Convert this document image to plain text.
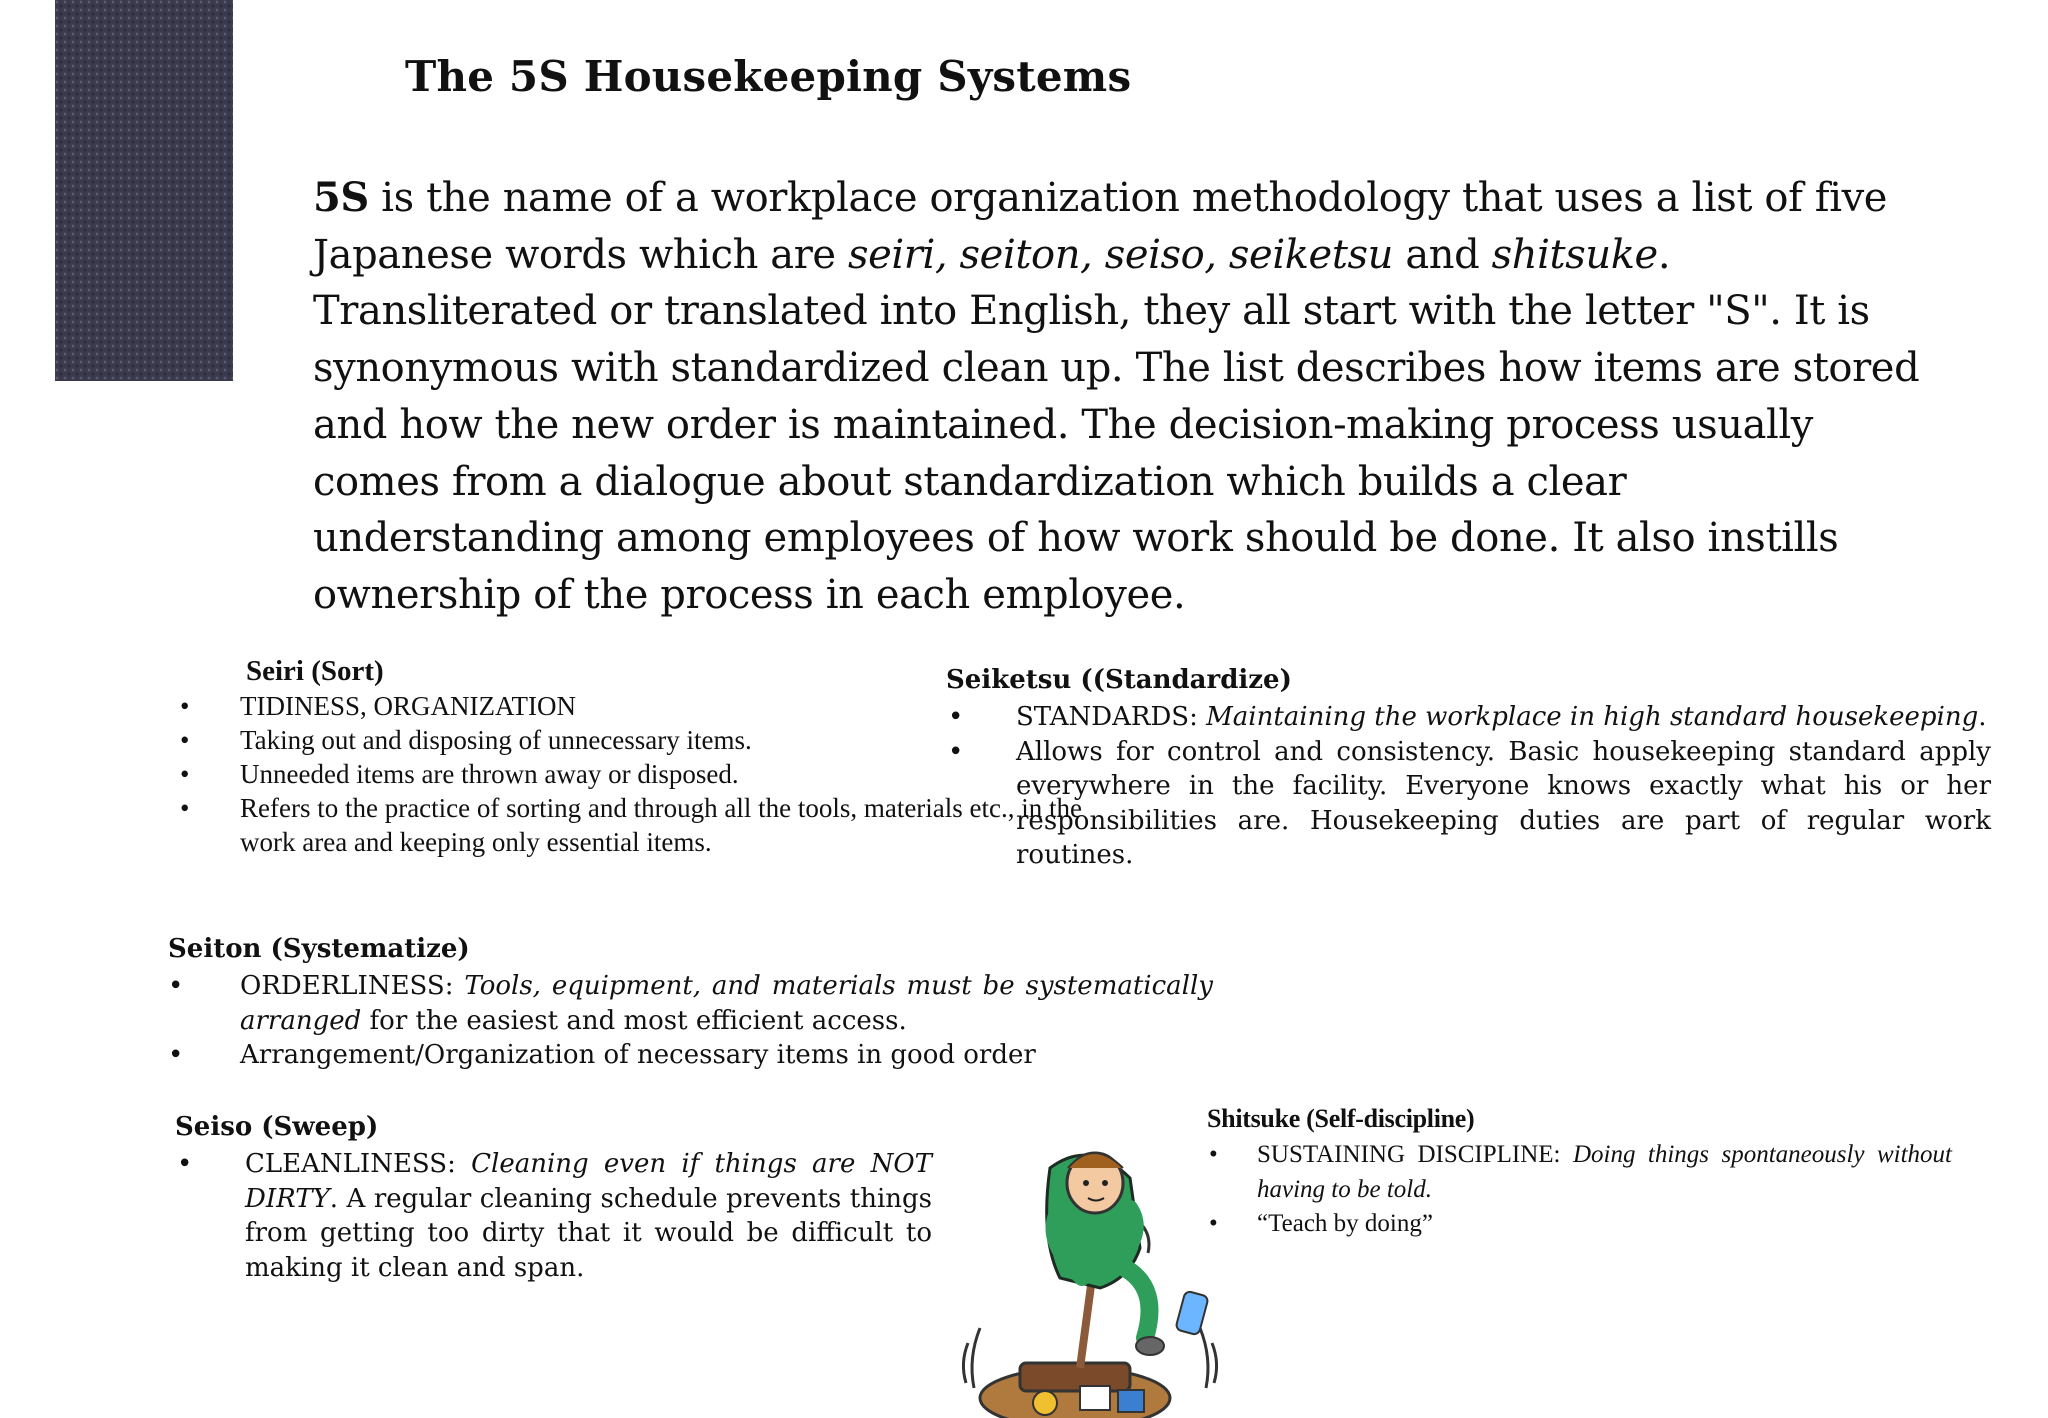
The 5S Housekeeping Systems

5S is the name of a workplace organization methodology that uses a list of five Japanese words which are seiri, seiton, seiso, seiketsu and shitsuke. Transliterated or translated into English, they all start with the letter "S". It is synonymous with standardized clean up. The list describes how items are stored and how the new order is maintained. The decision-making process usually comes from a dialogue about standardization which builds a clear understanding among employees of how work should be done. It also instills ownership of the process in each employee.

Seiri (Sort)
• TIDINESS, ORGANIZATION
• Taking out and disposing of unnecessary items.
• Unneeded items are thrown away or disposed.
• Refers to the practice of sorting and through all the tools, materials etc., in the work area and keeping only essential items.
Seiketsu ((Standardize)
• STANDARDS: Maintaining the workplace in high standard housekeeping.
• Allows for control and consistency. Basic housekeeping standard apply everywhere in the facility. Everyone knows exactly what his or her responsibilities are. Housekeeping duties are part of regular work routines.
Seiton (Systematize)
• ORDERLINESS: Tools, equipment, and materials must be systematically arranged for the easiest and most efficient access.
• Arrangement/Organization of necessary items in good order
Seiso (Sweep)
• CLEANLINESS: Cleaning even if things are NOT DIRTY. A regular cleaning schedule prevents things from getting too dirty that it would be difficult to making it clean and span.
Shitsuke (Self-discipline)
• SUSTAINING DISCIPLINE: Doing things spontaneously without having to be told.
• “Teach by doing”
